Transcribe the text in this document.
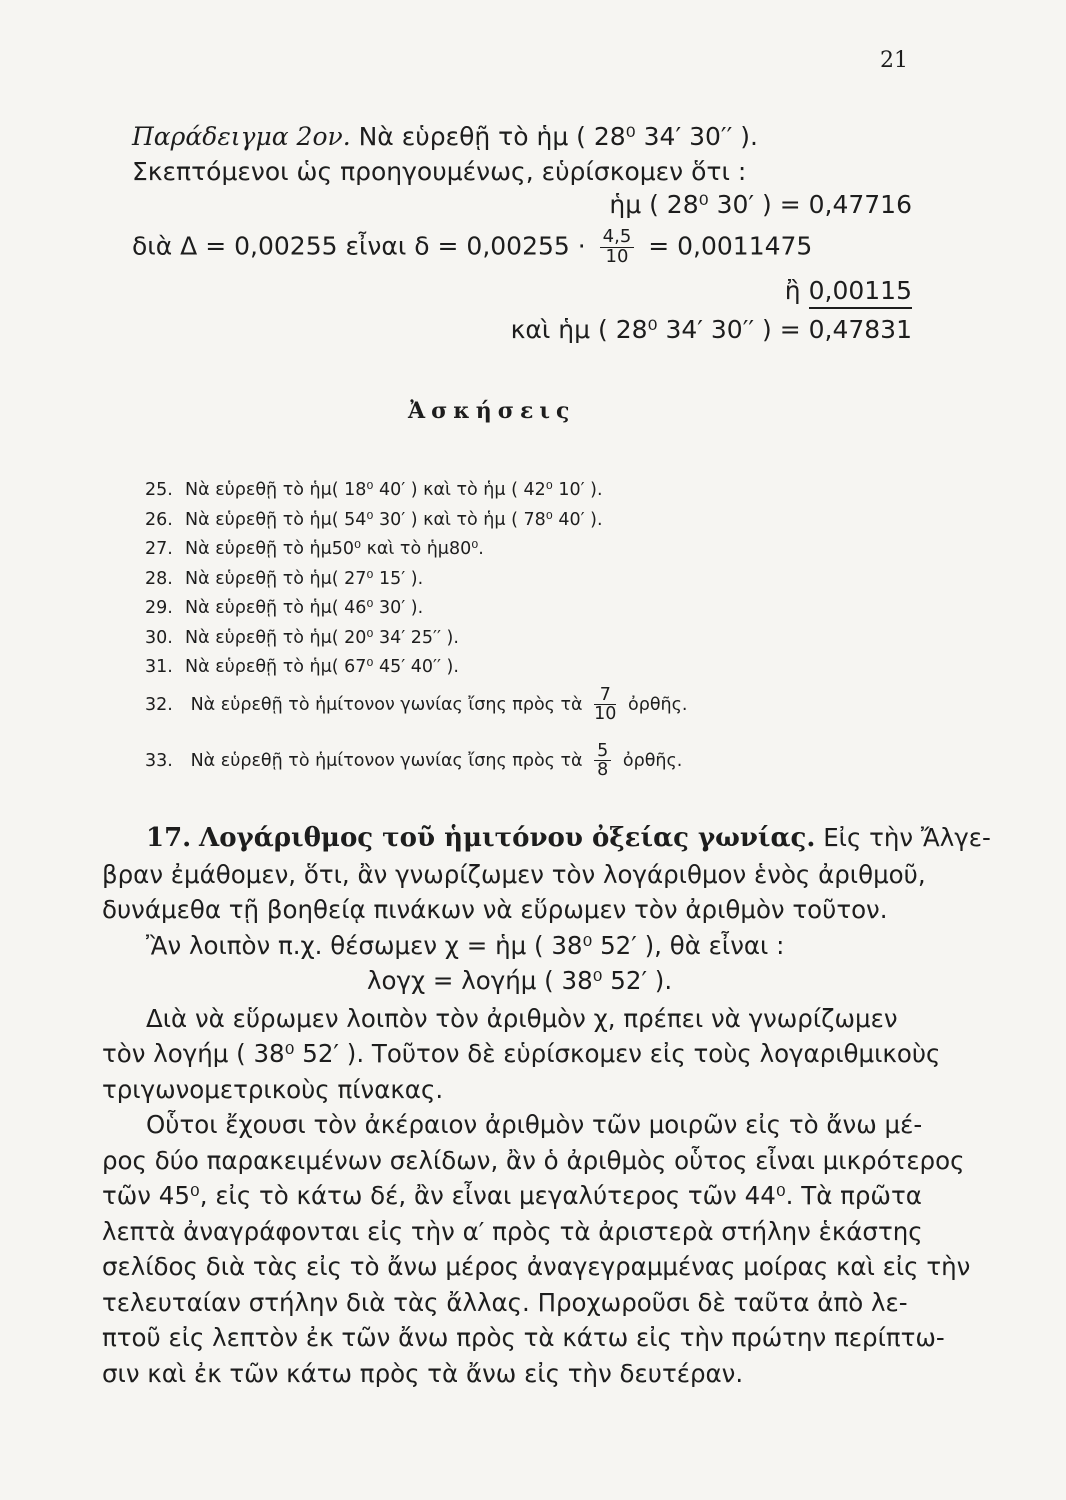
21
Παράδειγμα 2ον. Νὰ εὑρεθῇ τὸ ἡμ ( 28⁰ 34′ 30′′ ).
Σκεπτόμενοι ὡς προηγουμένως, εὑρίσκομεν ὅτι :
ἡμ ( 28⁰ 30′ ) = 0,47716
διὰ Δ = 0,00255 εἶναι $\delta = 0,00255 \cdot \frac{4,5}{10} = 0,0011475$
ἢ 0,00115
καὶ ἡμ ( 28⁰ 34′ 30′′ ) = 0,47831
Ἀσκήσεις
25. Νὰ εὑρεθῇ τὸ ἡμ( 18⁰ 40′ ) καὶ τὸ ἡμ ( 42⁰ 10′ ).
26. Νὰ εὑρεθῇ τὸ ἡμ( 54⁰ 30′ ) καὶ τὸ ἡμ ( 78⁰ 40′ ).
27. Νὰ εὑρεθῇ τὸ ἡμ50⁰ καὶ τὸ ἡμ80⁰.
28. Νὰ εὑρεθῇ τὸ ἡμ( 27⁰ 15′ ).
29. Νὰ εὑρεθῇ τὸ ἡμ( 46⁰ 30′ ).
30. Νὰ εὑρεθῇ τὸ ἡμ( 20⁰ 34′ 25′′ ).
31. Νὰ εὑρεθῇ τὸ ἡμ( 67⁰ 45′ 40′′ ).
32. Νὰ εὑρεθῇ τὸ ἡμίτονον γωνίας ἴσης πρὸς τὰ $\frac{7}{10}$ ὀρθῆς.
33. Νὰ εὑρεθῇ τὸ ἡμίτονον γωνίας ἴσης πρὸς τὰ $\frac{5}{8}$ ὀρθῆς.
17. Λογάριθμος τοῦ ἡμιτόνου ὀξείας γωνίας. Εἰς τὴν Ἄλγε-
βραν ἐμάθομεν, ὅτι, ἂν γνωρίζωμεν τὸν λογάριθμον ἑνὸς ἀριθμοῦ,
δυνάμεθα τῇ βοηθείᾳ πινάκων νὰ εὕρωμεν τὸν ἀριθμὸν τοῦτον.
Ἂν λοιπὸν π.χ. θέσωμεν χ = ἡμ ( 38⁰ 52′ ), θὰ εἶναι :
λογχ = λογήμ ( 38⁰ 52′ ).
Διὰ νὰ εὕρωμεν λοιπὸν τὸν ἀριθμὸν χ, πρέπει νὰ γνωρίζωμεν
τὸν λογήμ ( 38⁰ 52′ ). Τοῦτον δὲ εὑρίσκομεν εἰς τοὺς λογαριθμικοὺς
τριγωνομετρικοὺς πίνακας.
Οὗτοι ἔχουσι τὸν ἀκέραιον ἀριθμὸν τῶν μοιρῶν εἰς τὸ ἄνω μέ-
ρος δύο παρακειμένων σελίδων, ἂν ὁ ἀριθμὸς οὗτος εἶναι μικρότερος
τῶν 45⁰, εἰς τὸ κάτω δέ, ἂν εἶναι μεγαλύτερος τῶν 44⁰. Τὰ πρῶτα
λεπτὰ ἀναγράφονται εἰς τὴν α′ πρὸς τὰ ἀριστερὰ στήλην ἑκάστης
σελίδος διὰ τὰς εἰς τὸ ἄνω μέρος ἀναγεγραμμένας μοίρας καὶ εἰς τὴν
τελευταίαν στήλην διὰ τὰς ἄλλας. Προχωροῦσι δὲ ταῦτα ἀπὸ λε-
πτοῦ εἰς λεπτὸν ἐκ τῶν ἄνω πρὸς τὰ κάτω εἰς τὴν πρώτην περίπτω-
σιν καὶ ἐκ τῶν κάτω πρὸς τὰ ἄνω εἰς τὴν δευτέραν.
